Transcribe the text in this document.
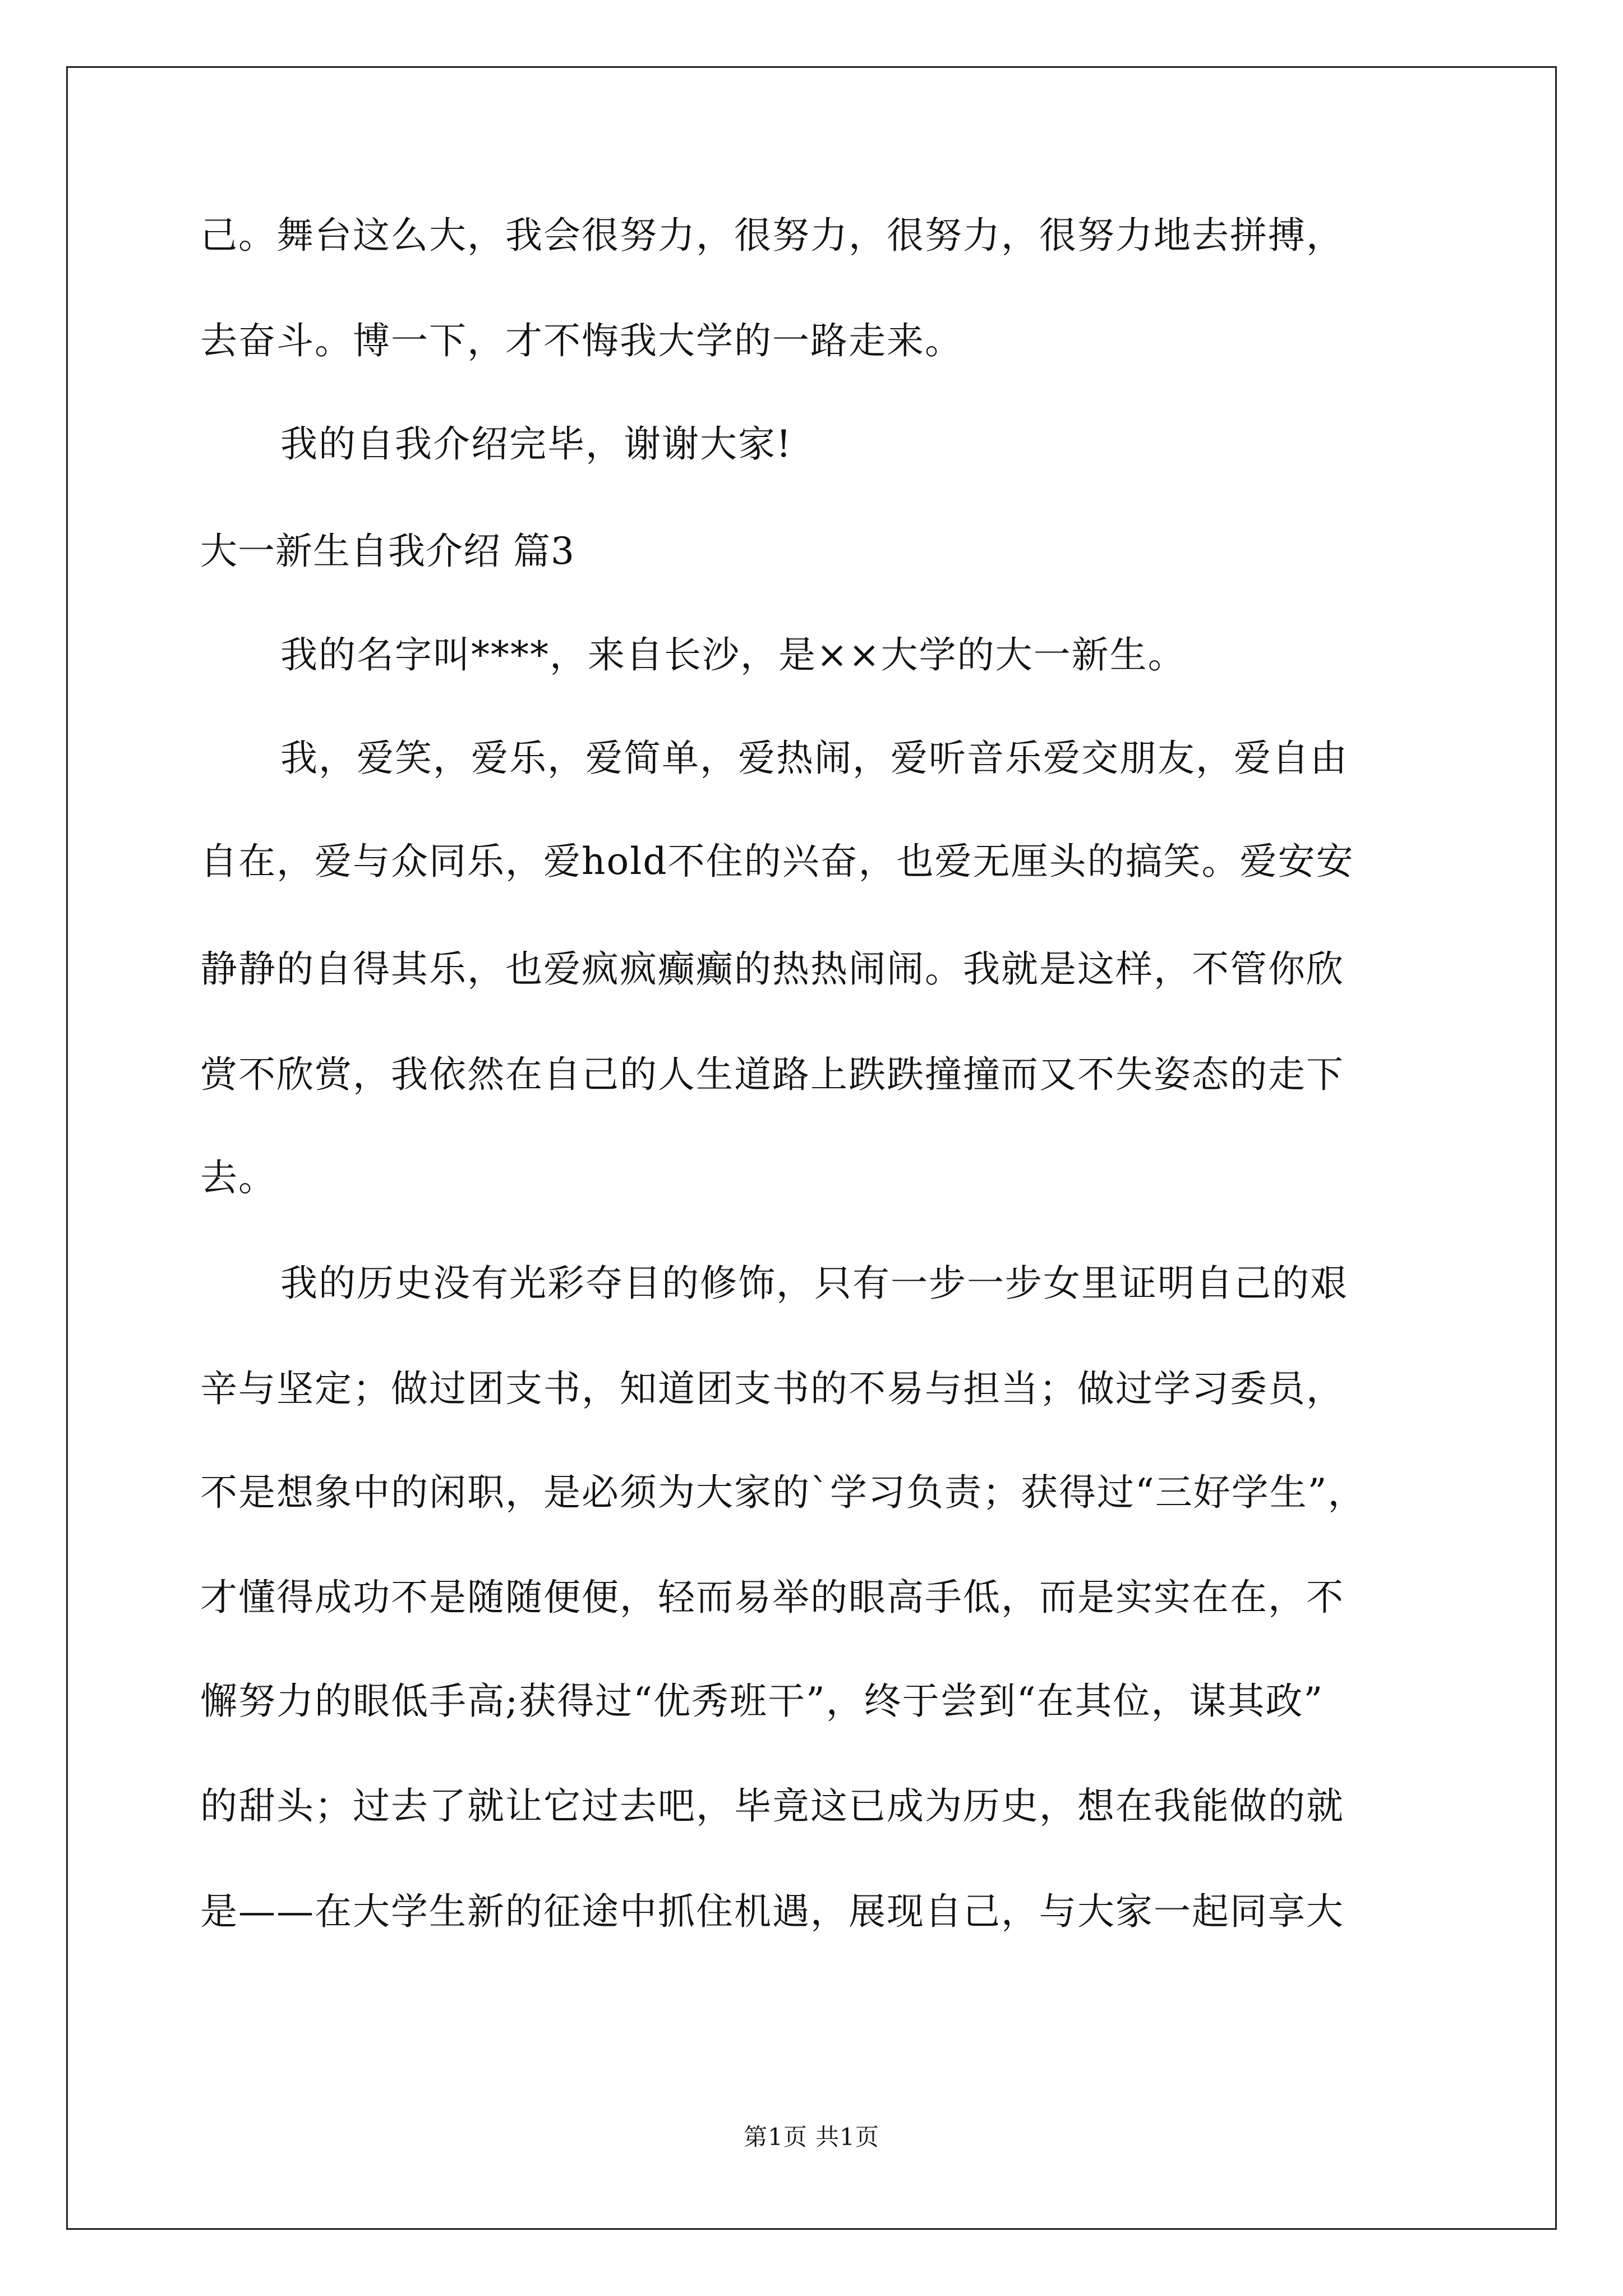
己。舞台这么大，我会很努力，很努力，很努力，很努力地去拼搏，
去奋斗。博一下，才不悔我大学的一路走来。
我的自我介绍完毕，谢谢大家!
大一新生自我介绍 篇3
我的名字叫****，来自长沙，是××大学的大一新生。
我，爱笑，爱乐，爱简单，爱热闹，爱听音乐爱交朋友，爱自由
自在，爱与众同乐，爱hold不住的兴奋，也爱无厘头的搞笑。爱安安
静静的自得其乐，也爱疯疯癫癫的热热闹闹。我就是这样，不管你欣
赏不欣赏，我依然在自己的人生道路上跌跌撞撞而又不失姿态的走下
去。
我的历史没有光彩夺目的修饰，只有一步一步女里证明自己的艰
辛与坚定；做过团支书，知道团支书的不易与担当；做过学习委员，
不是想象中的闲职，是必须为大家的`学习负责；获得过“三好学生”，
才懂得成功不是随随便便，轻而易举的眼高手低，而是实实在在，不
懈努力的眼低手高;获得过“优秀班干”，终于尝到“在其位，谋其政”
的甜头；过去了就让它过去吧，毕竟这已成为历史，想在我能做的就
是——在大学生新的征途中抓住机遇，展现自己，与大家一起同享大
第1页 共1页
